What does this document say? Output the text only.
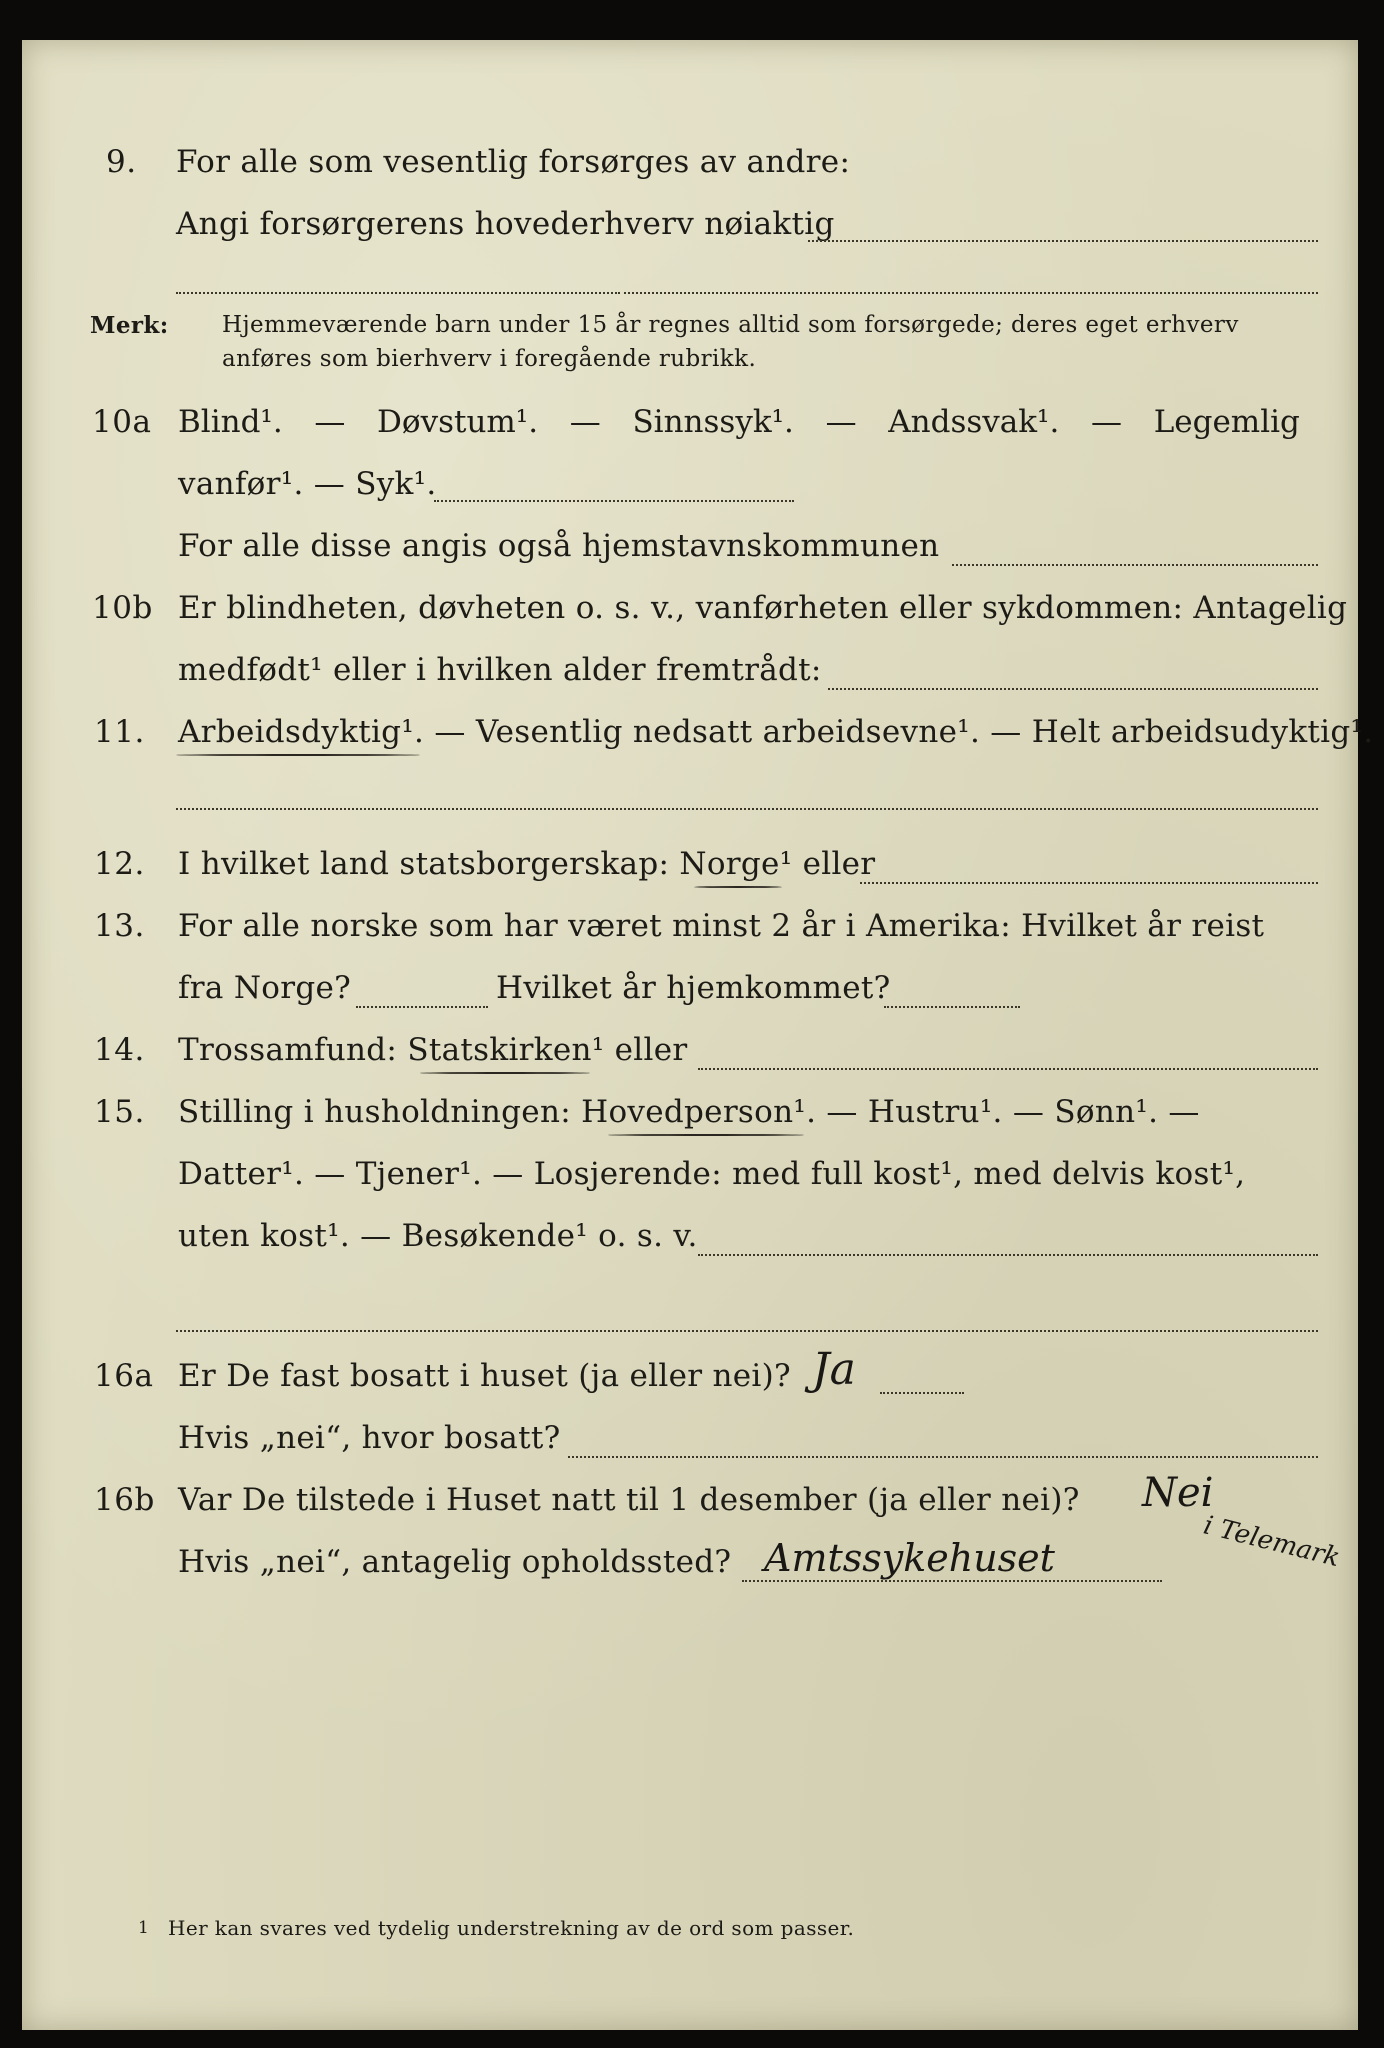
9. For alle som vesentlig forsørges av andre:
Angi forsørgerens hovederhverv nøiaktig
Merk: Hjemmeværende barn under 15 år regnes alltid som forsørgede; deres eget erhverv
anføres som bierhverv i foregående rubrikk.
10a Blind¹. — Døvstum¹. — Sinnssyk¹. — Andssvak¹. — Legemlig
vanfør¹. — Syk¹.
For alle disse angis også hjemstavnskommunen
10b Er blindheten, døvheten o. s. v., vanførheten eller sykdommen: Antagelig
medfødt¹ eller i hvilken alder fremtrådt:
11. Arbeidsdyktig¹. — Vesentlig nedsatt arbeidsevne¹. — Helt arbeidsudyktig¹.
12. I hvilket land statsborgerskap: Norge¹ eller
13. For alle norske som har været minst 2 år i Amerika: Hvilket år reist
fra Norge?	Hvilket år hjemkommet?
14. Trossamfund: Statskirken¹ eller
15. Stilling i husholdningen: Hovedperson¹. — Hustru¹. — Sønn¹. —
Datter¹. — Tjener¹. — Losjerende: med full kost¹, med delvis kost¹,
uten kost¹. — Besøkende¹ o. s. v.
16a Er De fast bosatt i huset (ja eller nei)? Ja
Hvis „nei“, hvor bosatt?
16b Var De tilstede i Huset natt til 1 desember (ja eller nei)? Nei
Hvis „nei“, antagelig opholdssted? Amtssykehuset	i Telemark
1 Her kan svares ved tydelig understrekning av de ord som passer.
